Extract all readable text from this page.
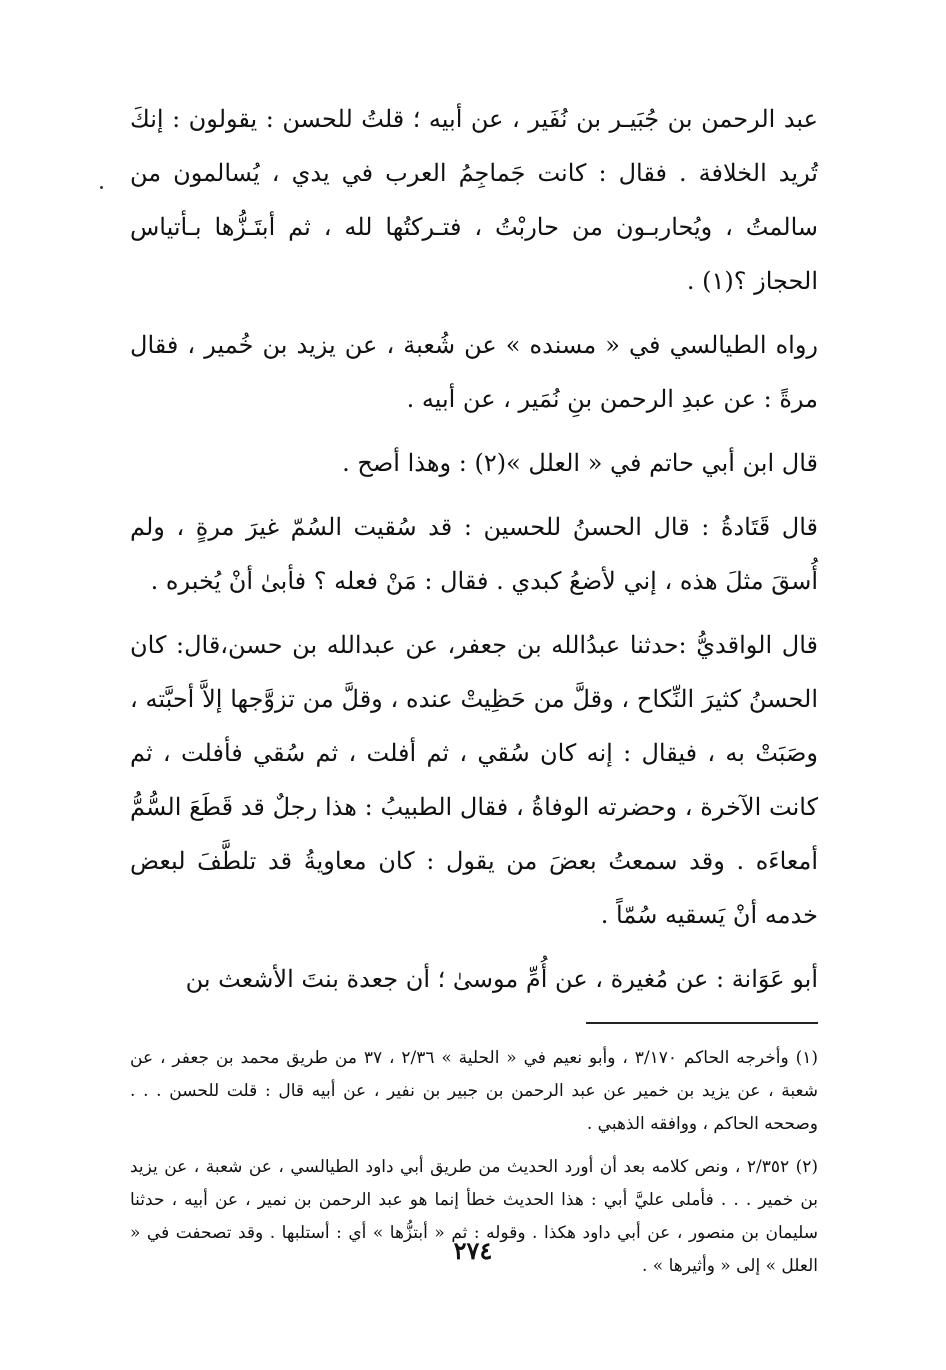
عبد الرحمن بن جُبَيـر بن نُفَير ، عن أبيه ؛ قلتُ للحسن : يقولون : إنكَ تُريد الخلافة . فقال : كانت جَماجِمُ العرب في يدي ، يُسالمون من سالمتُ ، ويُحاربـون من حاربْتُ ، فتـركتُها لله ، ثم أبتَـزُّها بـأتياس الحجاز ؟(١) .

رواه الطيالسي في « مسنده » عن شُعبة ، عن يزيد بن خُمير ، فقال مرةً : عن عبدِ الرحمن بنِ نُمَير ، عن أبيه .

قال ابن أبي حاتم في « العلل »(٢) : وهذا أصح .

قال قَتَادةُ : قال الحسنُ للحسين : قد سُقيت السُمّ غيرَ مرةٍ ، ولم أُسقَ مثلَ هذه ، إني لأضعُ كبدي . فقال : مَنْ فعله ؟ فأبىٰ أنْ يُخبره .

قال الواقديُّ :حدثنا عبدُالله بن جعفر، عن عبدالله بن حسن،قال: كان الحسنُ كثيرَ النِّكاح ، وقلَّ من حَظِيتْ عنده ، وقلَّ من تزوَّجها إلاَّ أحبَّته ، وصَبَتْ به ، فيقال : إنه كان سُقي ، ثم أفلت ، ثم سُقي فأفلت ، ثم كانت الآخرة ، وحضرته الوفاةُ ، فقال الطبيبُ : هذا رجلٌ قد قَطَعَ السُّمُّ أمعاءَه . وقد سمعتُ بعضَ من يقول : كان معاويةُ قد تلطَّفَ لبعض خدمه أنْ يَسقيه سُمّاً .

أبو عَوَانة : عن مُغيرة ، عن أُمِّ موسىٰ ؛ أن جعدة بنتَ الأشعث بن

(١) وأخرجه الحاكم ٣/١٧٠ ، وأبو نعيم في « الحلية » ٢/٣٦ ، ٣٧ من طريق محمد بن جعفر ، عن شعبة ، عن يزيد بن خمير عن عبد الرحمن بن جبير بن نفير ، عن أبيه قال : قلت للحسن . . . وصححه الحاكم ، ووافقه الذهبي .

(٢) ٢/٣٥٢ ، ونص كلامه بعد أن أورد الحديث من طريق أبي داود الطيالسي ، عن شعبة ، عن يزيد بن خمير . . . فأملى عليَّ أبي : هذا الحديث خطأ إنما هو عبد الرحمن بن نمير ، عن أبيه ، حدثنا سليمان بن منصور ، عن أبي داود هكذا . وقوله : ثم « أبتزُّها » أي : أستلبها . وقد تصحفت في « العلل » إلى « وأثيرها » .

٢٧٤
